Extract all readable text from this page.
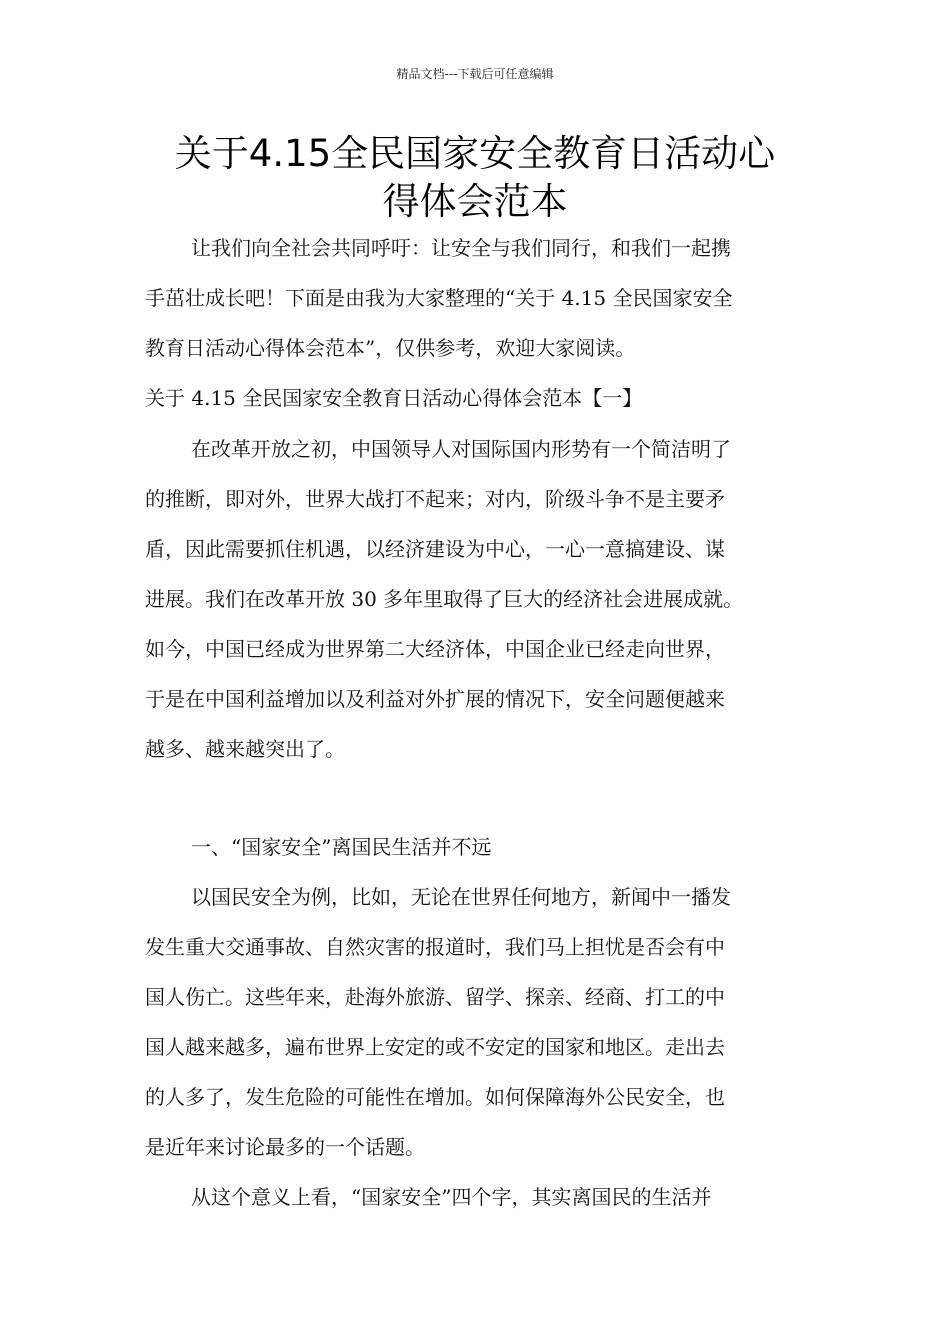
精品文档---下载后可任意编辑
关于4.15全民国家安全教育日活动心
得体会范本

让我们向全社会共同呼吁：让安全与我们同行，和我们一起携

手茁壮成长吧！下面是由我为大家整理的“关于 4.15 全民国家安全

教育日活动心得体会范本”，仅供参考，欢迎大家阅读。

关于 4.15 全民国家安全教育日活动心得体会范本【一】

在改革开放之初，中国领导人对国际国内形势有一个简洁明了

的推断，即对外，世界大战打不起来；对内，阶级斗争不是主要矛

盾，因此需要抓住机遇，以经济建设为中心，一心一意搞建设、谋

进展。我们在改革开放 30 多年里取得了巨大的经济社会进展成就。

如今，中国已经成为世界第二大经济体，中国企业已经走向世界，

于是在中国利益增加以及利益对外扩展的情况下，安全问题便越来

越多、越来越突出了。

一、“国家安全”离国民生活并不远

以国民安全为例，比如，无论在世界任何地方，新闻中一播发

发生重大交通事故、自然灾害的报道时，我们马上担忧是否会有中

国人伤亡。这些年来，赴海外旅游、留学、探亲、经商、打工的中

国人越来越多，遍布世界上安定的或不安定的国家和地区。走出去

的人多了，发生危险的可能性在增加。如何保障海外公民安全，也

是近年来讨论最多的一个话题。

从这个意义上看，“国家安全”四个字，其实离国民的生活并
